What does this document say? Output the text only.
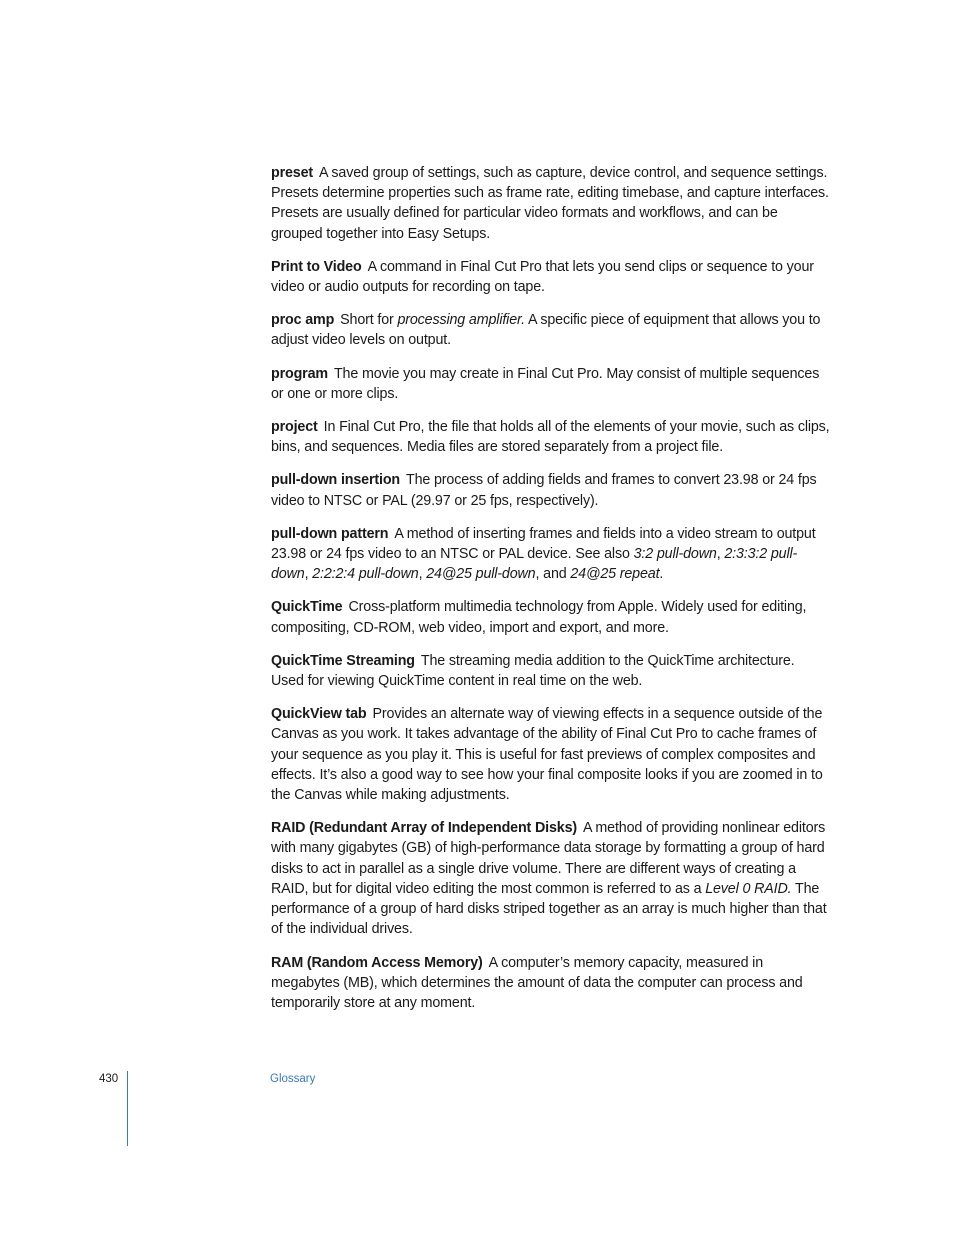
preset A saved group of settings, such as capture, device control, and sequence settings. Presets determine properties such as frame rate, editing timebase, and capture interfaces. Presets are usually defined for particular video formats and workflows, and can be grouped together into Easy Setups.

Print to Video A command in Final Cut Pro that lets you send clips or sequence to your video or audio outputs for recording on tape.

proc amp Short for processing amplifier. A specific piece of equipment that allows you to adjust video levels on output.

program The movie you may create in Final Cut Pro. May consist of multiple sequences or one or more clips.

project In Final Cut Pro, the file that holds all of the elements of your movie, such as clips, bins, and sequences. Media files are stored separately from a project file.

pull-down insertion The process of adding fields and frames to convert 23.98 or 24 fps video to NTSC or PAL (29.97 or 25 fps, respectively).

pull-down pattern A method of inserting frames and fields into a video stream to output 23.98 or 24 fps video to an NTSC or PAL device. See also 3:2 pull-down, 2:3:3:2 pull-down, 2:2:2:4 pull-down, 24@25 pull-down, and 24@25 repeat.

QuickTime Cross-platform multimedia technology from Apple. Widely used for editing, compositing, CD-ROM, web video, import and export, and more.

QuickTime Streaming The streaming media addition to the QuickTime architecture. Used for viewing QuickTime content in real time on the web.

QuickView tab Provides an alternate way of viewing effects in a sequence outside of the Canvas as you work. It takes advantage of the ability of Final Cut Pro to cache frames of your sequence as you play it. This is useful for fast previews of complex composites and effects. It’s also a good way to see how your final composite looks if you are zoomed in to the Canvas while making adjustments.

RAID (Redundant Array of Independent Disks) A method of providing nonlinear editors with many gigabytes (GB) of high-performance data storage by formatting a group of hard disks to act in parallel as a single drive volume. There are different ways of creating a RAID, but for digital video editing the most common is referred to as a Level 0 RAID. The performance of a group of hard disks striped together as an array is much higher than that of the individual drives.

RAM (Random Access Memory) A computer’s memory capacity, measured in megabytes (MB), which determines the amount of data the computer can process and temporarily store at any moment.

430	Glossary
